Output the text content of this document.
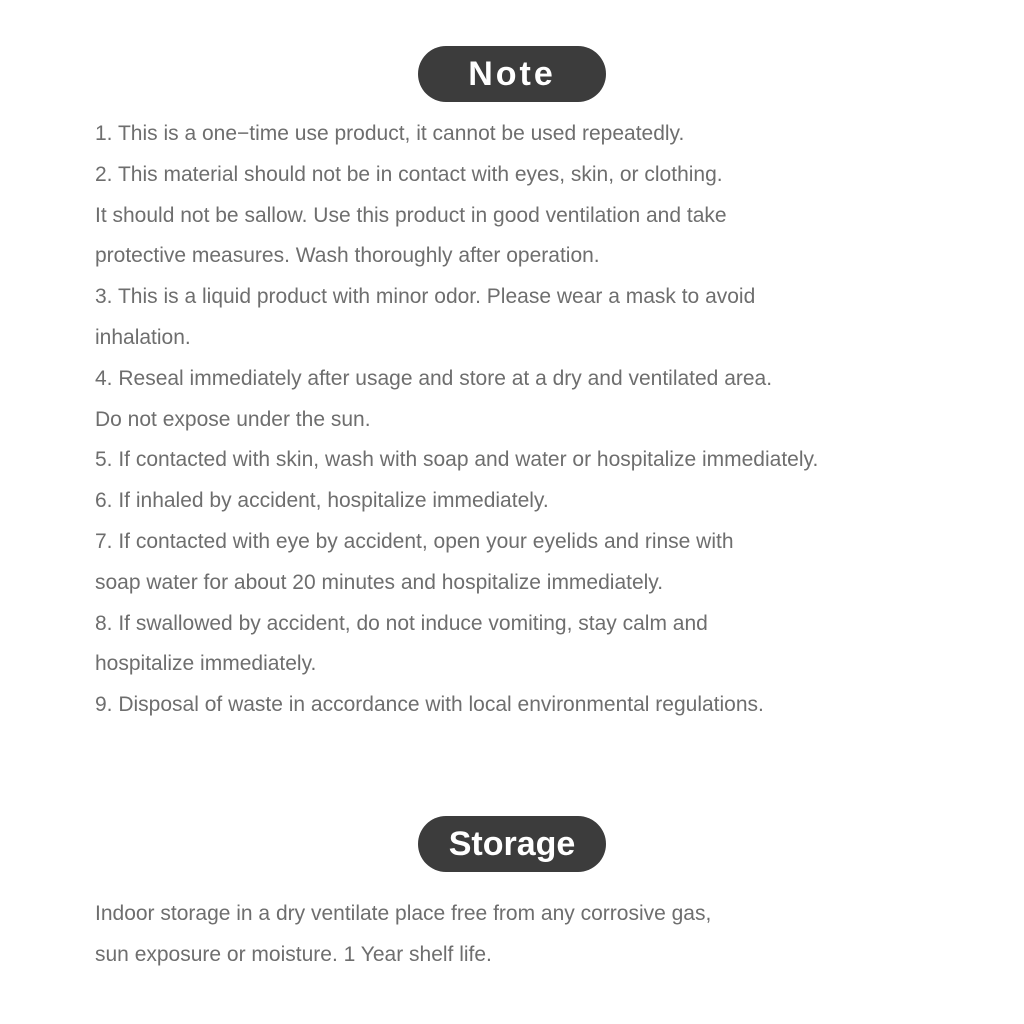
Note
1. This is a one−time use product, it cannot be used repeatedly.
2. This material should not be in contact with eyes, skin, or clothing.
It should not be sallow. Use this product in good ventilation and take
protective measures. Wash thoroughly after operation.
3. This is a liquid product with minor odor. Please wear a mask to avoid
inhalation.
4. Reseal immediately after usage and store at a dry and ventilated area.
Do not expose under the sun.
5. If contacted with skin, wash with soap and water or hospitalize immediately.
6. If inhaled by accident, hospitalize immediately.
7. If contacted with eye by accident, open your eyelids and rinse with
soap water for about 20 minutes and hospitalize immediately.
8. If swallowed by accident, do not induce vomiting, stay calm and
hospitalize immediately.
9. Disposal of waste in accordance with local environmental regulations.
Storage
Indoor storage in a dry ventilate place free from any corrosive gas,
sun exposure or moisture. 1 Year shelf life.
